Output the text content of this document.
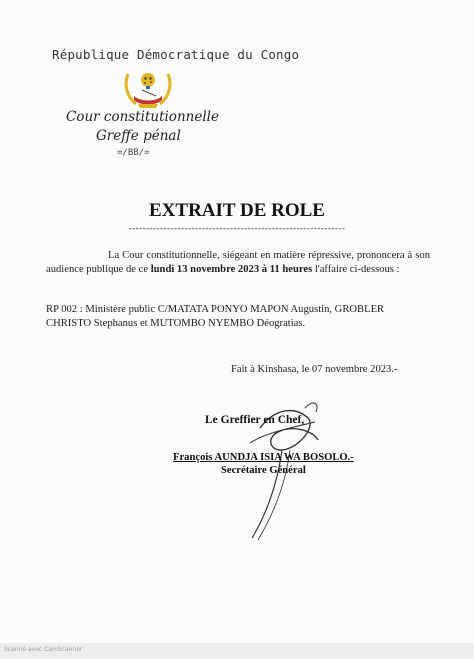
République Démocratique du Congo
Cour constitutionnelle
Greffe pénal
=/BB/=
EXTRAIT DE ROLE
--------------------------------------------------------------
La Cour constitutionnelle, siégeant en matière répressive, prononcera à son audience publique de ce lundi 13 novembre 2023 à 11 heures l'affaire ci-dessous :
RP 002 : Ministère public C/MATATA PONYO MAPON Augustin, GROBLER CHRISTO Stephanus et MUTOMBO NYEMBO Déogratias.
Fait à Kinshasa, le 07 novembre 2023.-
Le Greffier en Chef,
François AUNDJA ISIA WA BOSOLO.-
Secrétaire Général
Scanné avec CamScanner
